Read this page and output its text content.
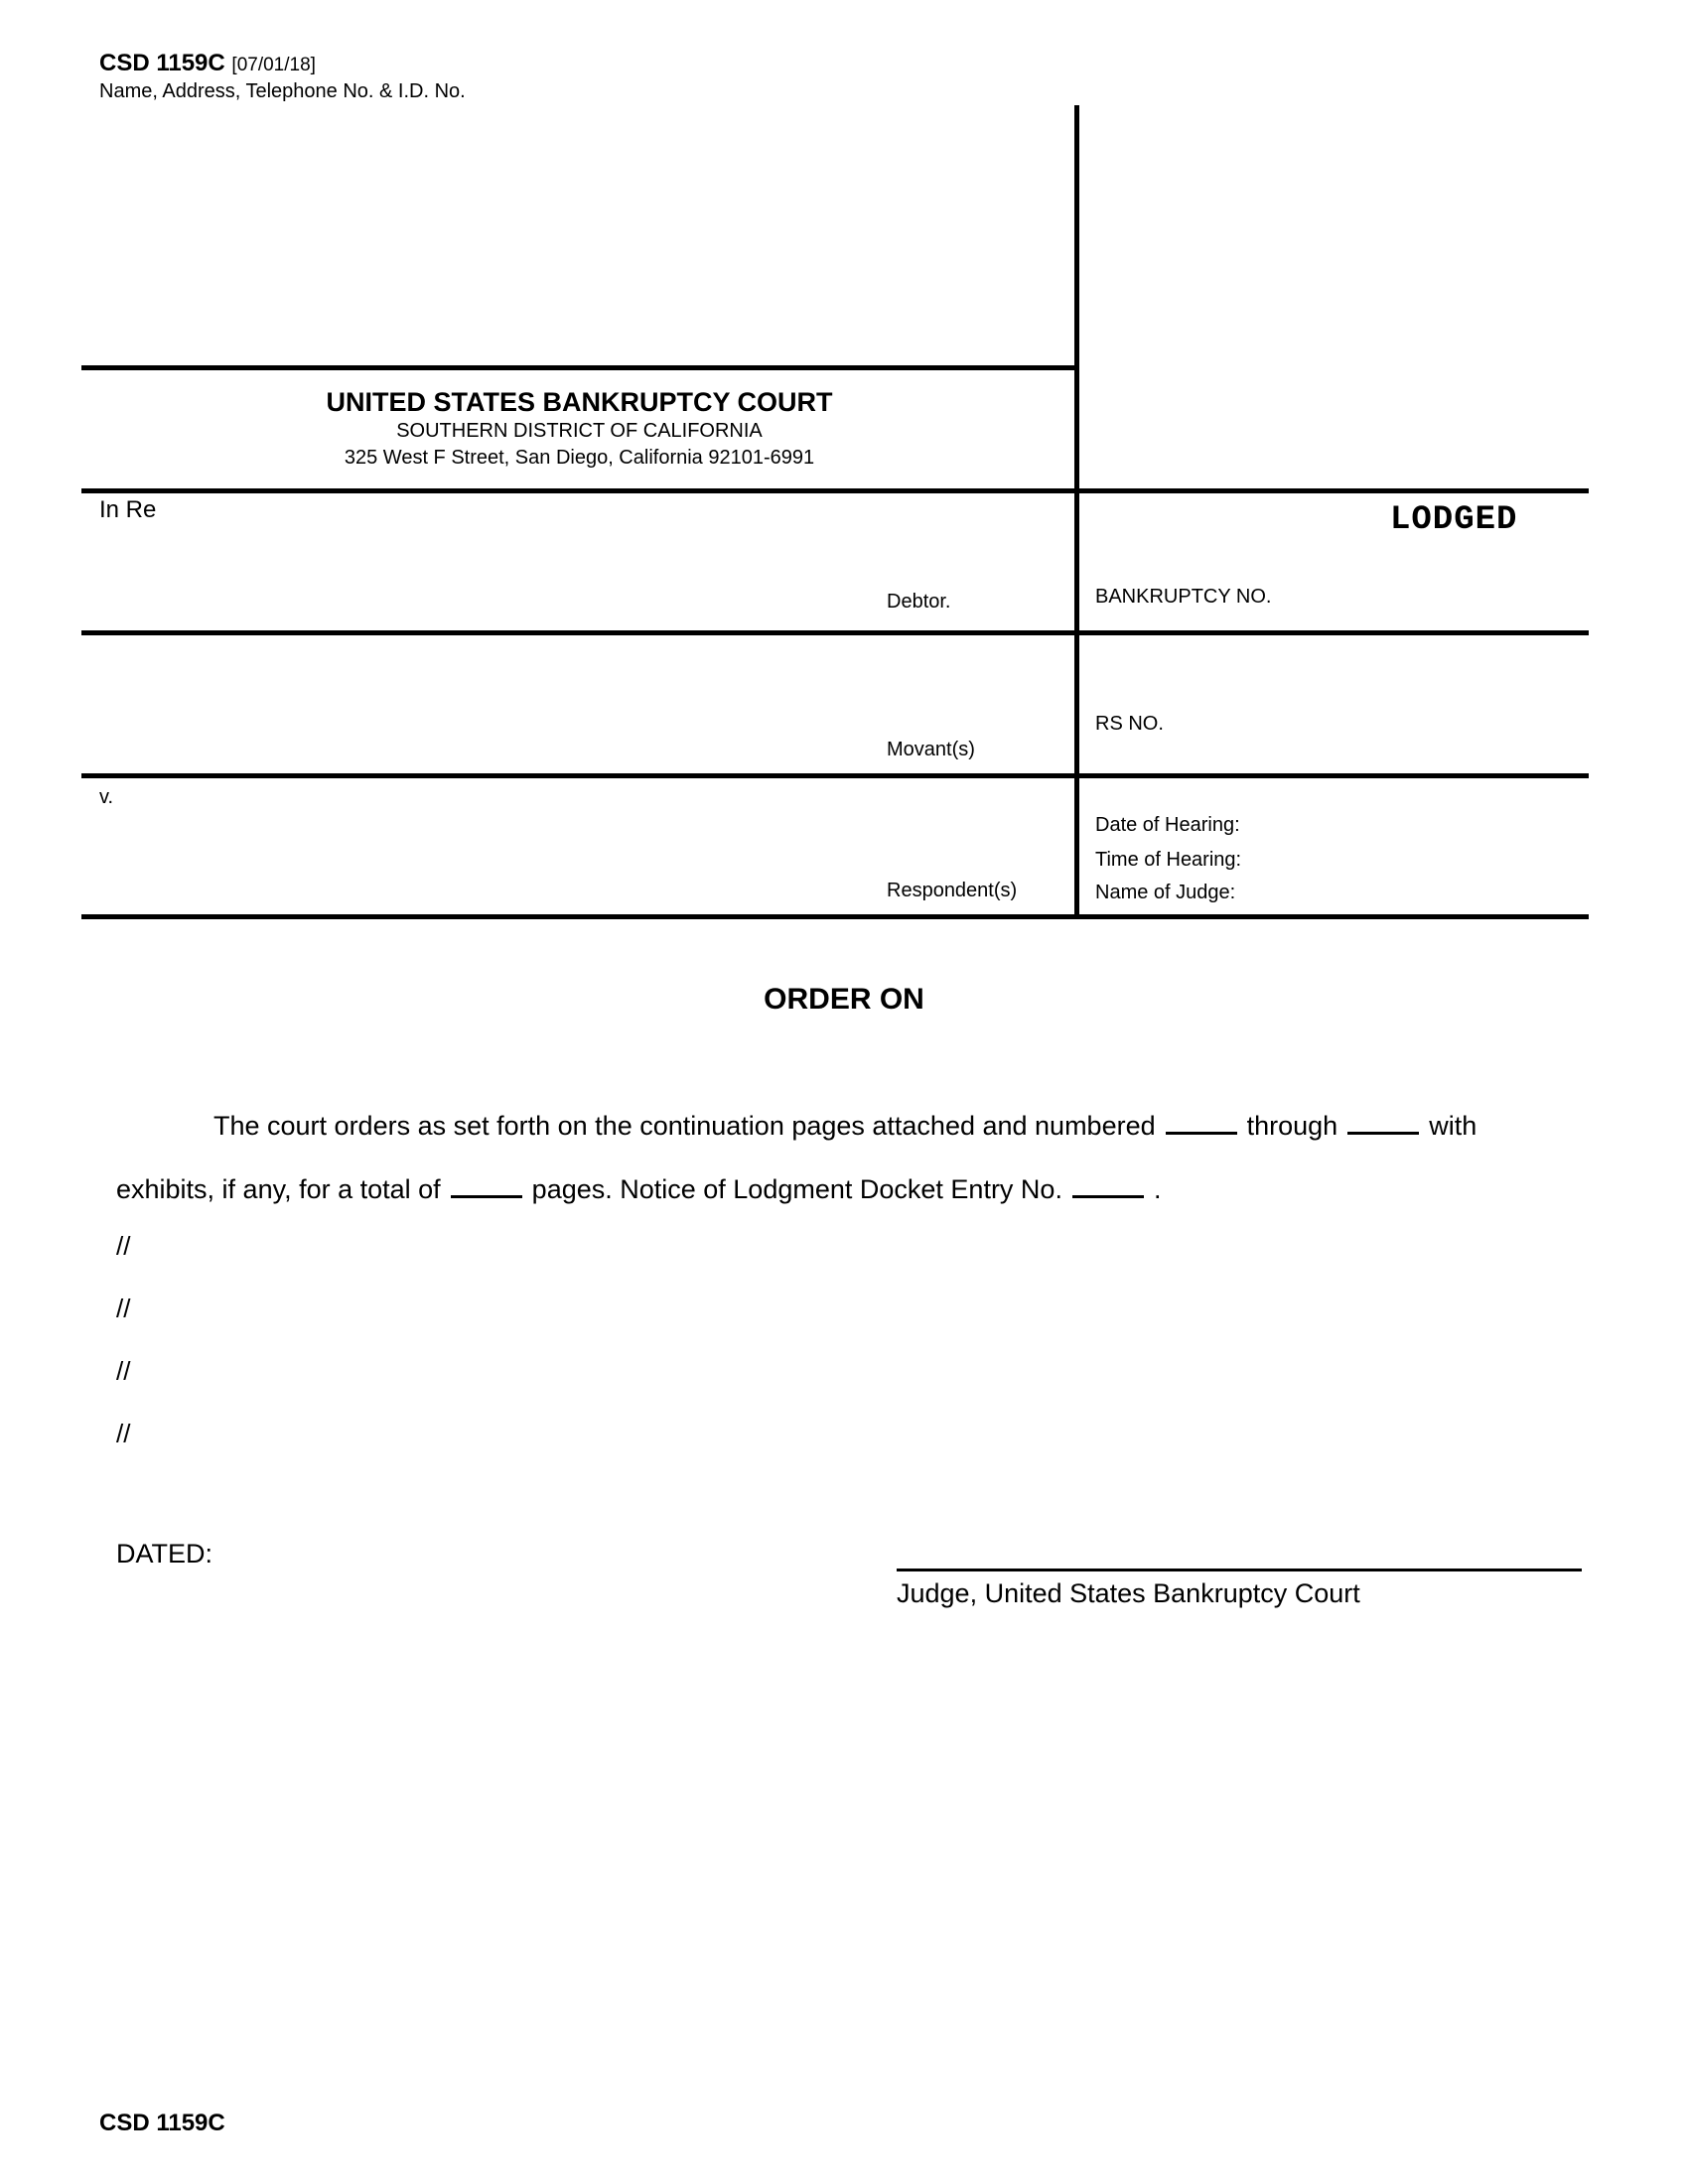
CSD 1159C [07/01/18]
Name, Address, Telephone No. & I.D. No.
UNITED STATES BANKRUPTCY COURT
SOUTHERN DISTRICT OF CALIFORNIA
325 West F Street, San Diego, California 92101-6991
In Re
Debtor.
Movant(s)
v.
Respondent(s)
LODGED
BANKRUPTCY NO.
RS NO.
Date of Hearing:
Time of Hearing:
Name of Judge:
ORDER ON
The court orders as set forth on the continuation pages attached and numbered	through	with
exhibits, if any, for a total of	pages. Notice of Lodgment Docket Entry No.	.
//
//
//
//
DATED:
Judge, United States Bankruptcy Court
CSD 1159C
